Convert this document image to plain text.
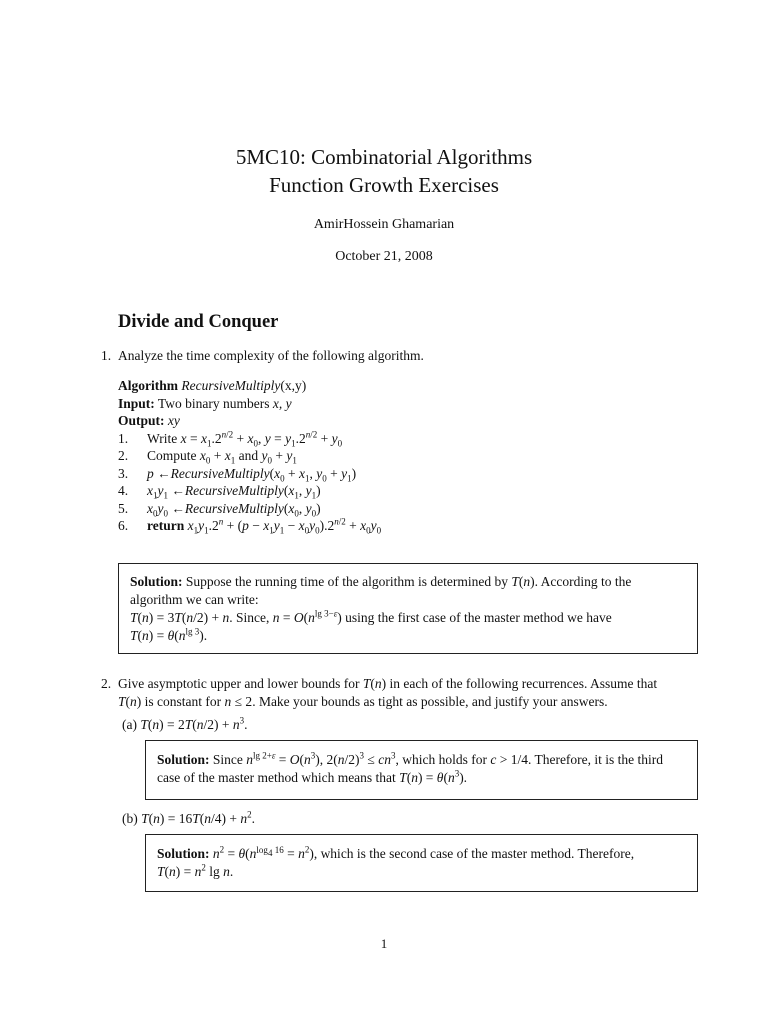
5MC10: Combinatorial Algorithms
Function Growth Exercises
AmirHossein Ghamarian
October 21, 2008
Divide and Conquer
1. Analyze the time complexity of the following algorithm.
Algorithm RecursiveMultiply(x,y)
Input: Two binary numbers x, y
Output: xy
1. Write $x = x_1.2^{n/2} + x_0$, $y = y_1.2^{n/2} + y_0$
2. Compute $x_0 + x_1$ and $y_0 + y_1$
3. p $\leftarrow RecursiveMultiply(x_0 + x_1$, $y_0 + y_1$)
4. $x_1y_1$ $\leftarrow RecursiveMultiply(x_1$, $y_1$)
5. $x_0y_0$ $\leftarrow RecursiveMultiply(x_0$, $y_0$)
6. return $x_1y_1.2^n + (p - x_1y_1 - x_0y_0).2^{n/2} + x_0y_0$

Solution: Suppose the running time of the algorithm is determined by T(n). According to the algorithm we can write:
T(n) = 3T(n/2) + n. Since, $n = O(n^{lg 3-\varepsilon})$ using the first case of the master method we have
$T(n) = \theta(n^{lg 3})$.

2. Give asymptotic upper and lower bounds for T(n) in each of the following recurrences. Assume that
T(n) is constant for n ≤ 2. Make your bounds as tight as possible, and justify your answers.
(a) $T(n) = 2T(n/2) + n^3$.

Solution: Since $n^{lg 2+\varepsilon} = O(n^3)$, $2(n/2)^3 \le cn^3$, which holds for c > 1/4. Therefore, it is the third case of the master method which means that $T(n) = \theta(n^3)$.

(b) $T(n) = 16T(n/4) + n^2$.

Solution: $n^2 = \theta(n^{log_4 16} = n^2)$, which is the second case of the master method. Therefore,
$T(n) = n^2$ lg n.

1
